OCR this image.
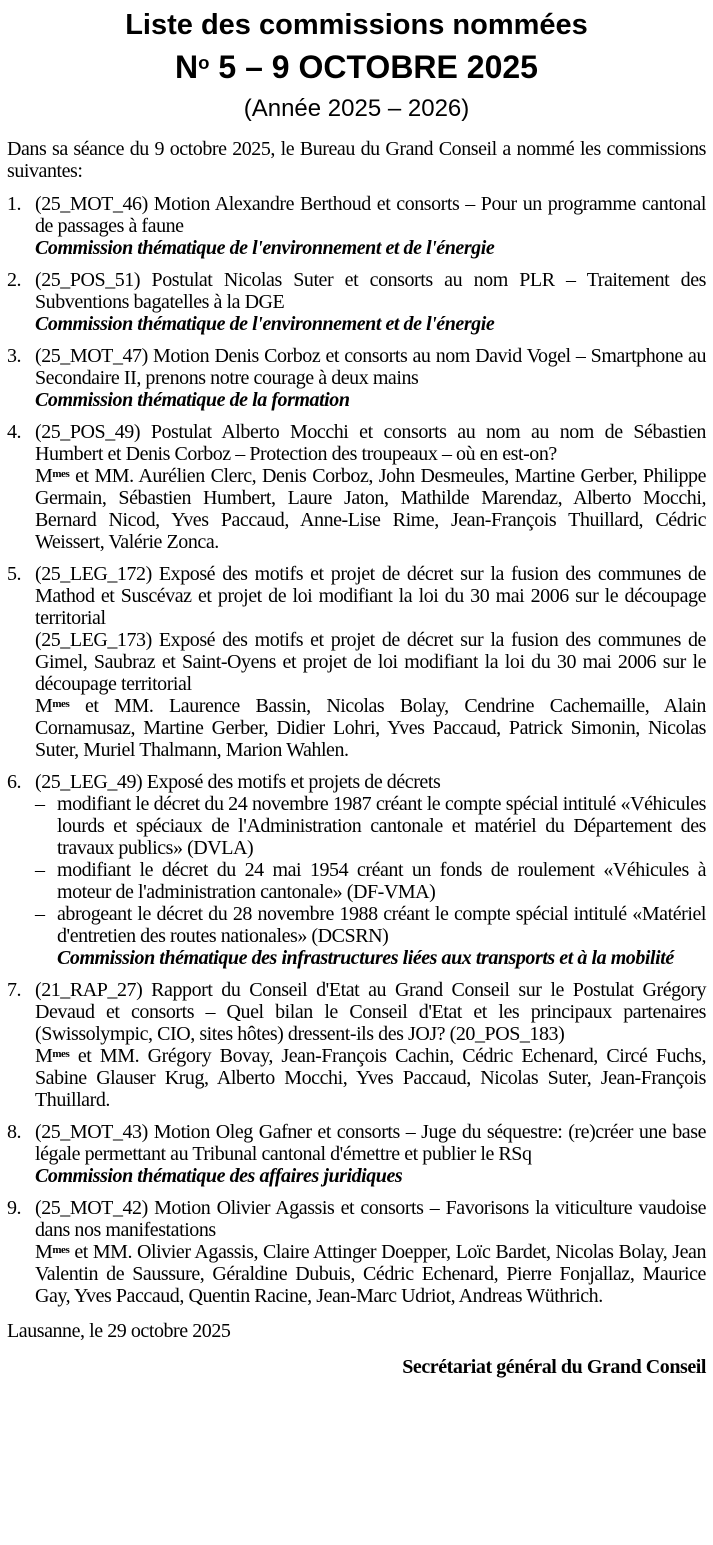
Liste des commissions nommées
$N^o$ 5 – 9 OCTOBRE 2025
(Année 2025 – 2026)

Dans sa séance du 9 octobre 2025, le Bureau du Grand Conseil a nommé les commissions suivantes:

1. (25_MOT_46) Motion Alexandre Berthoud et consorts – Pour un programme cantonal de passages à faune

Commission thématique de l'environnement et de l'énergie

2. (25_POS_51) Postulat Nicolas Suter et consorts au nom PLR – Traitement des Subventions bagatelles à la DGE

Commission thématique de l'environnement et de l'énergie

3. (25_MOT_47) Motion Denis Corboz et consorts au nom David Vogel – Smartphone au Secondaire II, prenons notre courage à deux mains

Commission thématique de la formation

4. (25_POS_49) Postulat Alberto Mocchi et consorts au nom au nom de Sébastien Humbert et Denis Corboz – Protection des troupeaux – où en est-on?

$M^{mes}$ et MM. Aurélien Clerc, Denis Corboz, John Desmeules, Martine Gerber, Philippe Germain, Sébastien Humbert, Laure Jaton, Mathilde Marendaz, Alberto Mocchi, Bernard Nicod, Yves Paccaud, Anne-Lise Rime, Jean-François Thuillard, Cédric Weissert, Valérie Zonca.

5. (25_LEG_172) Exposé des motifs et projet de décret sur la fusion des communes de Mathod et Suscévaz et projet de loi modifiant la loi du 30 mai 2006 sur le découpage territorial

(25_LEG_173) Exposé des motifs et projet de décret sur la fusion des communes de Gimel, Saubraz et Saint-Oyens et projet de loi modifiant la loi du 30 mai 2006 sur le découpage territorial

$M^{mes}$ et MM. Laurence Bassin, Nicolas Bolay, Cendrine Cachemaille, Alain Cornamusaz, Martine Gerber, Didier Lohri, Yves Paccaud, Patrick Simonin, Nicolas Suter, Muriel Thalmann, Marion Wahlen.

6. (25_LEG_49) Exposé des motifs et projets de décrets

– modifiant le décret du 24 novembre 1987 créant le compte spécial intitulé «Véhicules lourds et spéciaux de l'Administration cantonale et matériel du Département des travaux publics» (DVLA)

– modifiant le décret du 24 mai 1954 créant un fonds de roulement «Véhicules à moteur de l'administration cantonale» (DF-VMA)

– abrogeant le décret du 28 novembre 1988 créant le compte spécial intitulé «Matériel d'entretien des routes nationales» (DCSRN)

Commission thématique des infrastructures liées aux transports et à la mobilité

7. (21_RAP_27) Rapport du Conseil d'Etat au Grand Conseil sur le Postulat Grégory Devaud et consorts – Quel bilan le Conseil d'Etat et les principaux partenaires (Swissolympic, CIO, sites hôtes) dressent-ils des JOJ? (20_POS_183)

$M^{mes}$ et MM. Grégory Bovay, Jean-François Cachin, Cédric Echenard, Circé Fuchs, Sabine Glauser Krug, Alberto Mocchi, Yves Paccaud, Nicolas Suter, Jean-François Thuillard.

8. (25_MOT_43) Motion Oleg Gafner et consorts – Juge du séquestre: (re)créer une base légale permettant au Tribunal cantonal d'émettre et publier le RSq

Commission thématique des affaires juridiques

9. (25_MOT_42) Motion Olivier Agassis et consorts – Favorisons la viticulture vaudoise dans nos manifestations

$M^{mes}$ et MM. Olivier Agassis, Claire Attinger Doepper, Loïc Bardet, Nicolas Bolay, Jean Valentin de Saussure, Géraldine Dubuis, Cédric Echenard, Pierre Fonjallaz, Maurice Gay, Yves Paccaud, Quentin Racine, Jean-Marc Udriot, Andreas Wüthrich.

Lausanne, le 29 octobre 2025

Secrétariat général du Grand Conseil
